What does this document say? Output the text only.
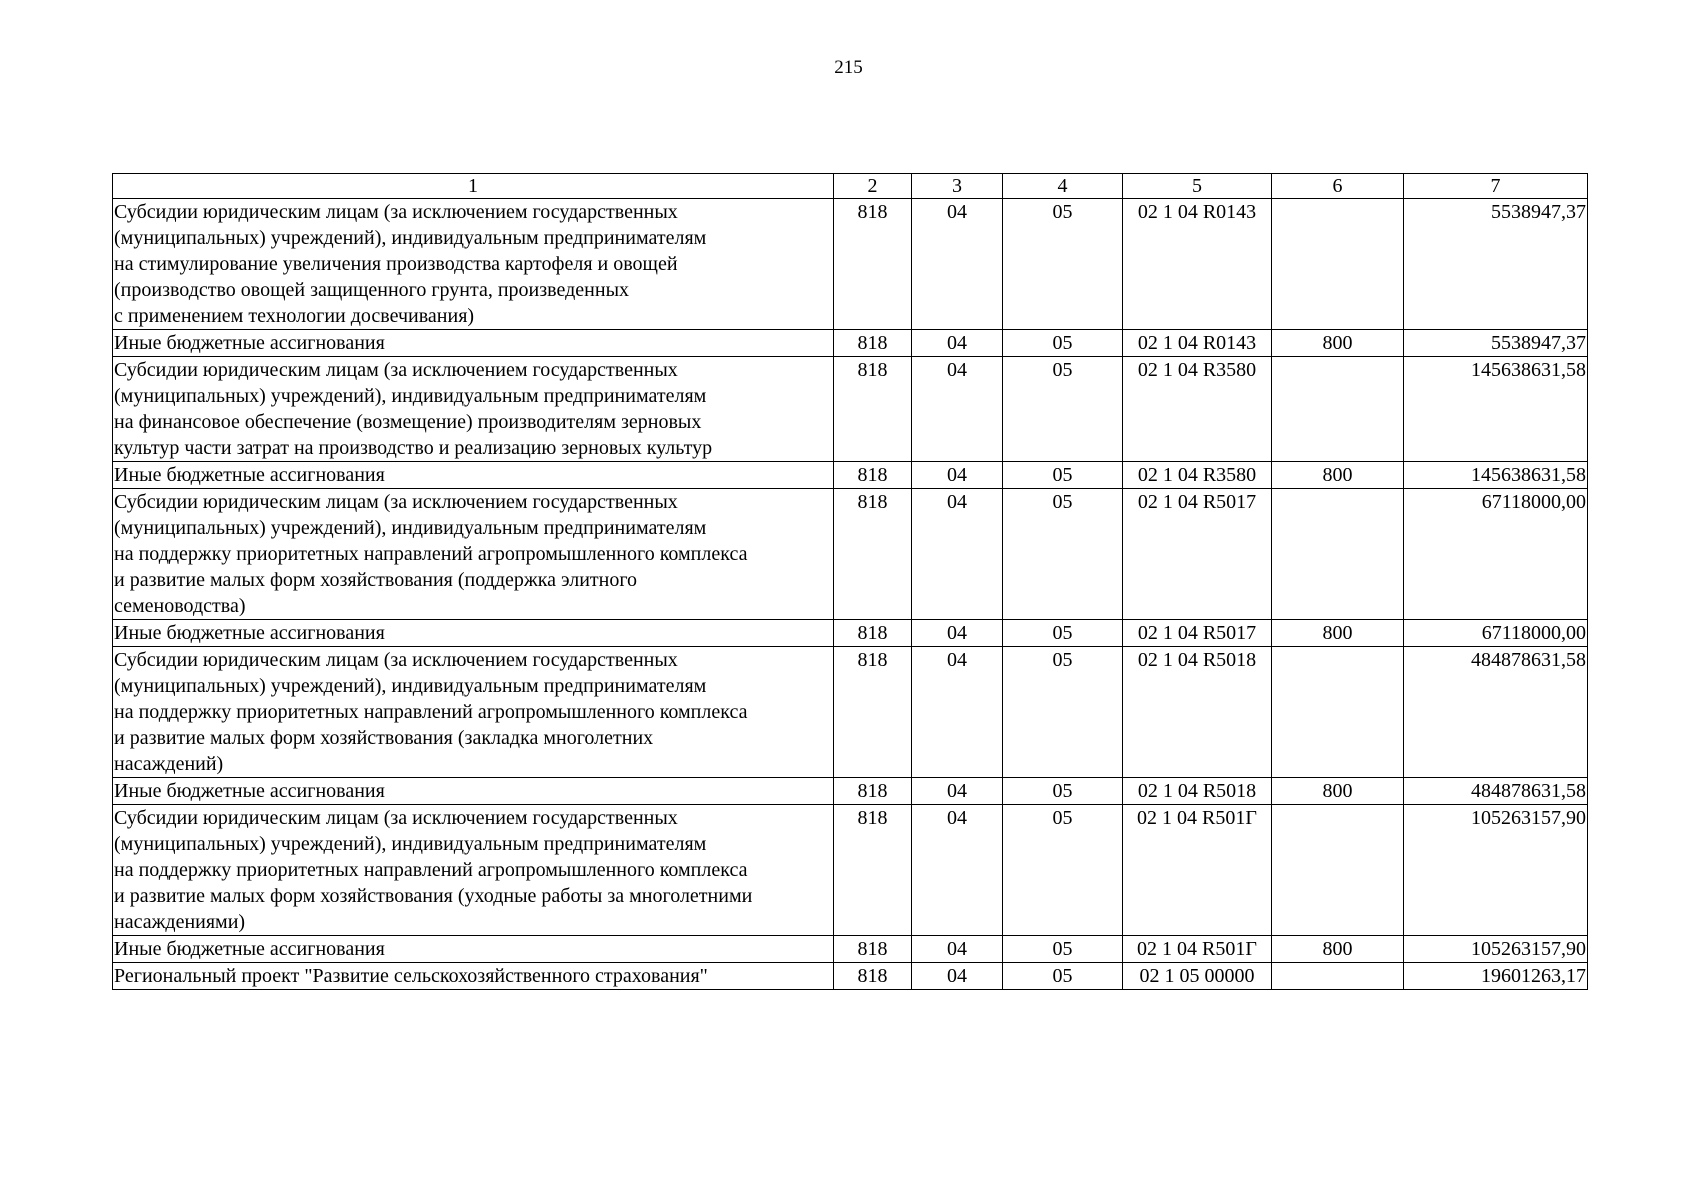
215
1	2	3	4	5	6	7
Субсидии юридическим лицам (за исключением государственных
(муниципальных) учреждений), индивидуальным предпринимателям
на стимулирование увеличения производства картофеля и овощей
(производство овощей защищенного грунта, произведенных
с применением технологии досвечивания)	818	04	05	02 1 04 R0143		5538947,37
Иные бюджетные ассигнования	818	04	05	02 1 04 R0143	800	5538947,37
Субсидии юридическим лицам (за исключением государственных
(муниципальных) учреждений), индивидуальным предпринимателям
на финансовое обеспечение (возмещение) производителям зерновых
культур части затрат на производство и реализацию зерновых культур	818	04	05	02 1 04 R3580		145638631,58
Иные бюджетные ассигнования	818	04	05	02 1 04 R3580	800	145638631,58
Субсидии юридическим лицам (за исключением государственных
(муниципальных) учреждений), индивидуальным предпринимателям
на поддержку приоритетных направлений агропромышленного комплекса
и развитие малых форм хозяйствования (поддержка элитного
семеноводства)	818	04	05	02 1 04 R5017		67118000,00
Иные бюджетные ассигнования	818	04	05	02 1 04 R5017	800	67118000,00
Субсидии юридическим лицам (за исключением государственных
(муниципальных) учреждений), индивидуальным предпринимателям
на поддержку приоритетных направлений агропромышленного комплекса
и развитие малых форм хозяйствования (закладка многолетних
насаждений)	818	04	05	02 1 04 R5018		484878631,58
Иные бюджетные ассигнования	818	04	05	02 1 04 R5018	800	484878631,58
Субсидии юридическим лицам (за исключением государственных
(муниципальных) учреждений), индивидуальным предпринимателям
на поддержку приоритетных направлений агропромышленного комплекса
и развитие малых форм хозяйствования (уходные работы за многолетними
насаждениями)	818	04	05	02 1 04 R501Г		105263157,90
Иные бюджетные ассигнования	818	04	05	02 1 04 R501Г	800	105263157,90
Региональный проект "Развитие сельскохозяйственного страхования"	818	04	05	02 1 05 00000		19601263,17
